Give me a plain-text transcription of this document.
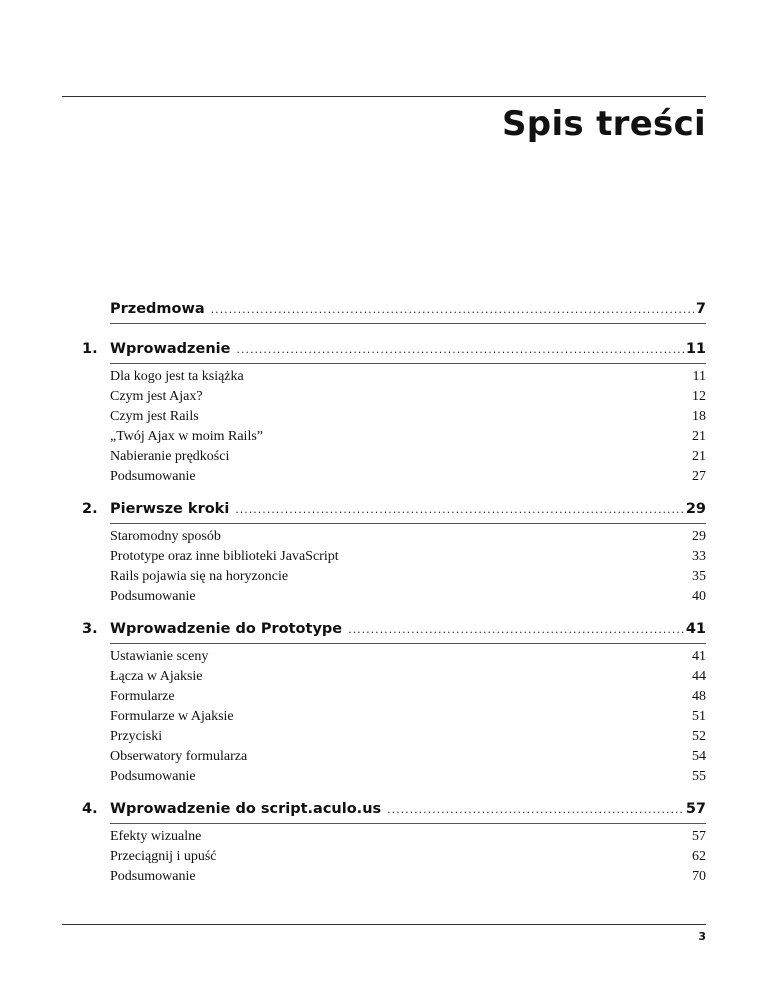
Spis treści
Przedmowa .....	7
1. Wprowadzenie .....	11
Dla kogo jest ta książka	11
Czym jest Ajax?	12
Czym jest Rails	18
„Twój Ajax w moim Rails”	21
Nabieranie prędkości	21
Podsumowanie	27
2. Pierwsze kroki .....	29
Staromodny sposób	29
Prototype oraz inne biblioteki JavaScript	33
Rails pojawia się na horyzoncie	35
Podsumowanie	40
3. Wprowadzenie do Prototype .....	41
Ustawianie sceny	41
Łącza w Ajaksie	44
Formularze	48
Formularze w Ajaksie	51
Przyciski	52
Obserwatory formularza	54
Podsumowanie	55
4. Wprowadzenie do script.aculo.us .....	57
Efekty wizualne	57
Przeciągnij i upuść	62
Podsumowanie	70
3
